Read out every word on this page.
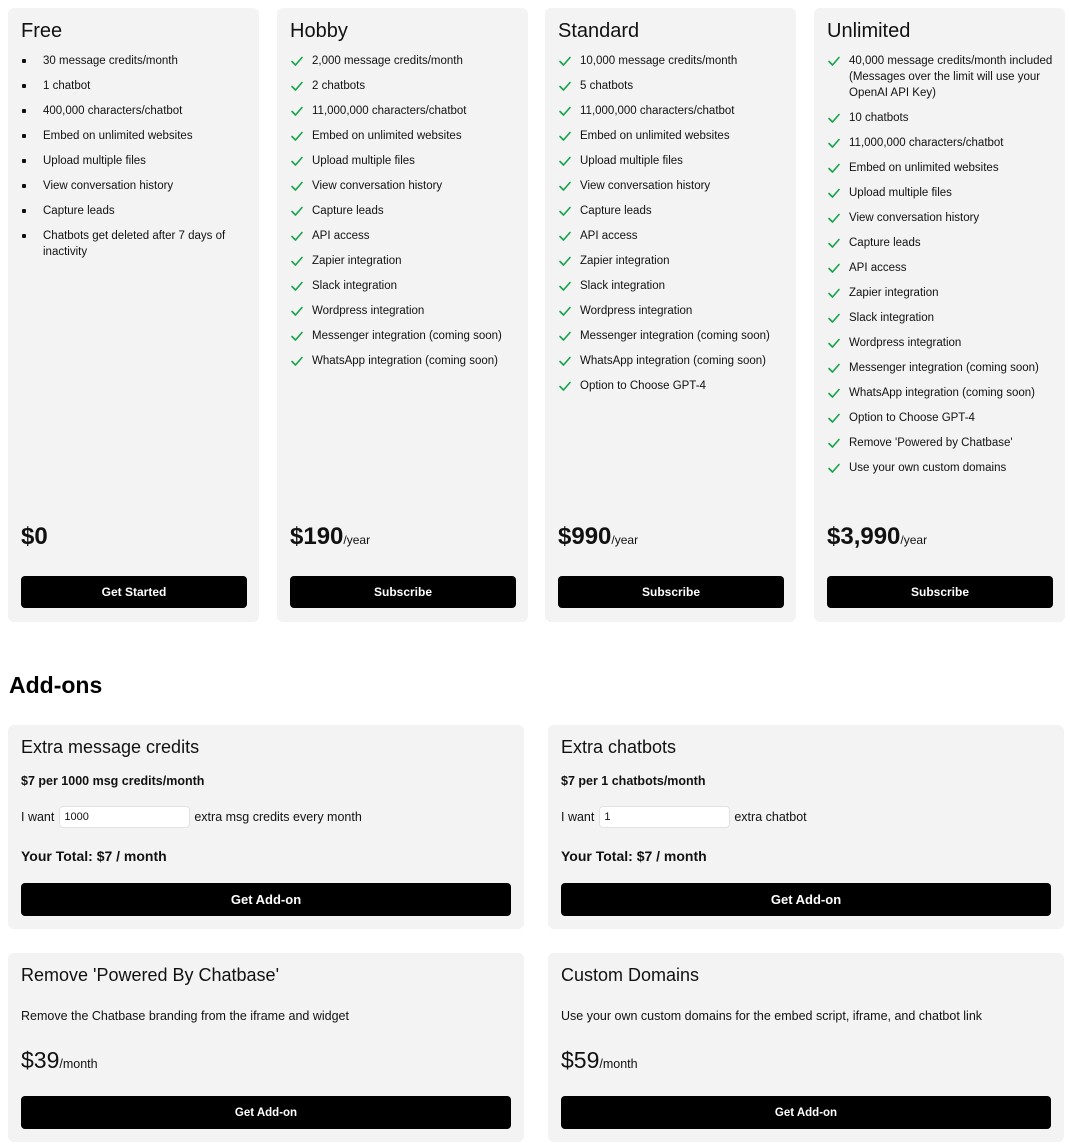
Free
30 message credits/month
1 chatbot
400,000 characters/chatbot
Embed on unlimited websites
Upload multiple files
View conversation history
Capture leads
Chatbots get deleted after 7 days of inactivity
$0
Get Started
Hobby
2,000 message credits/month
2 chatbots
11,000,000 characters/chatbot
Embed on unlimited websites
Upload multiple files
View conversation history
Capture leads
API access
Zapier integration
Slack integration
Wordpress integration
Messenger integration (coming soon)
WhatsApp integration (coming soon)
$190/year
Subscribe
Standard
10,000 message credits/month
5 chatbots
11,000,000 characters/chatbot
Embed on unlimited websites
Upload multiple files
View conversation history
Capture leads
API access
Zapier integration
Slack integration
Wordpress integration
Messenger integration (coming soon)
WhatsApp integration (coming soon)
Option to Choose GPT-4
$990/year
Subscribe
Unlimited
40,000 message credits/month included (Messages over the limit will use your OpenAI API Key)
10 chatbots
11,000,000 characters/chatbot
Embed on unlimited websites
Upload multiple files
View conversation history
Capture leads
API access
Zapier integration
Slack integration
Wordpress integration
Messenger integration (coming soon)
WhatsApp integration (coming soon)
Option to Choose GPT-4
Remove 'Powered by Chatbase'
Use your own custom domains
$3,990/year
Subscribe
Add-ons
Extra message credits
$7 per 1000 msg credits/month
I want
1000	extra msg credits every month
Your Total: $7 / month
Get Add-on
Extra chatbots
$7 per 1 chatbots/month
I want
1	extra chatbot
Your Total: $7 / month
Get Add-on
Remove 'Powered By Chatbase'
Remove the Chatbase branding from the iframe and widget
$39/month
Get Add-on
Custom Domains
Use your own custom domains for the embed script, iframe, and chatbot link
$59/month
Get Add-on
